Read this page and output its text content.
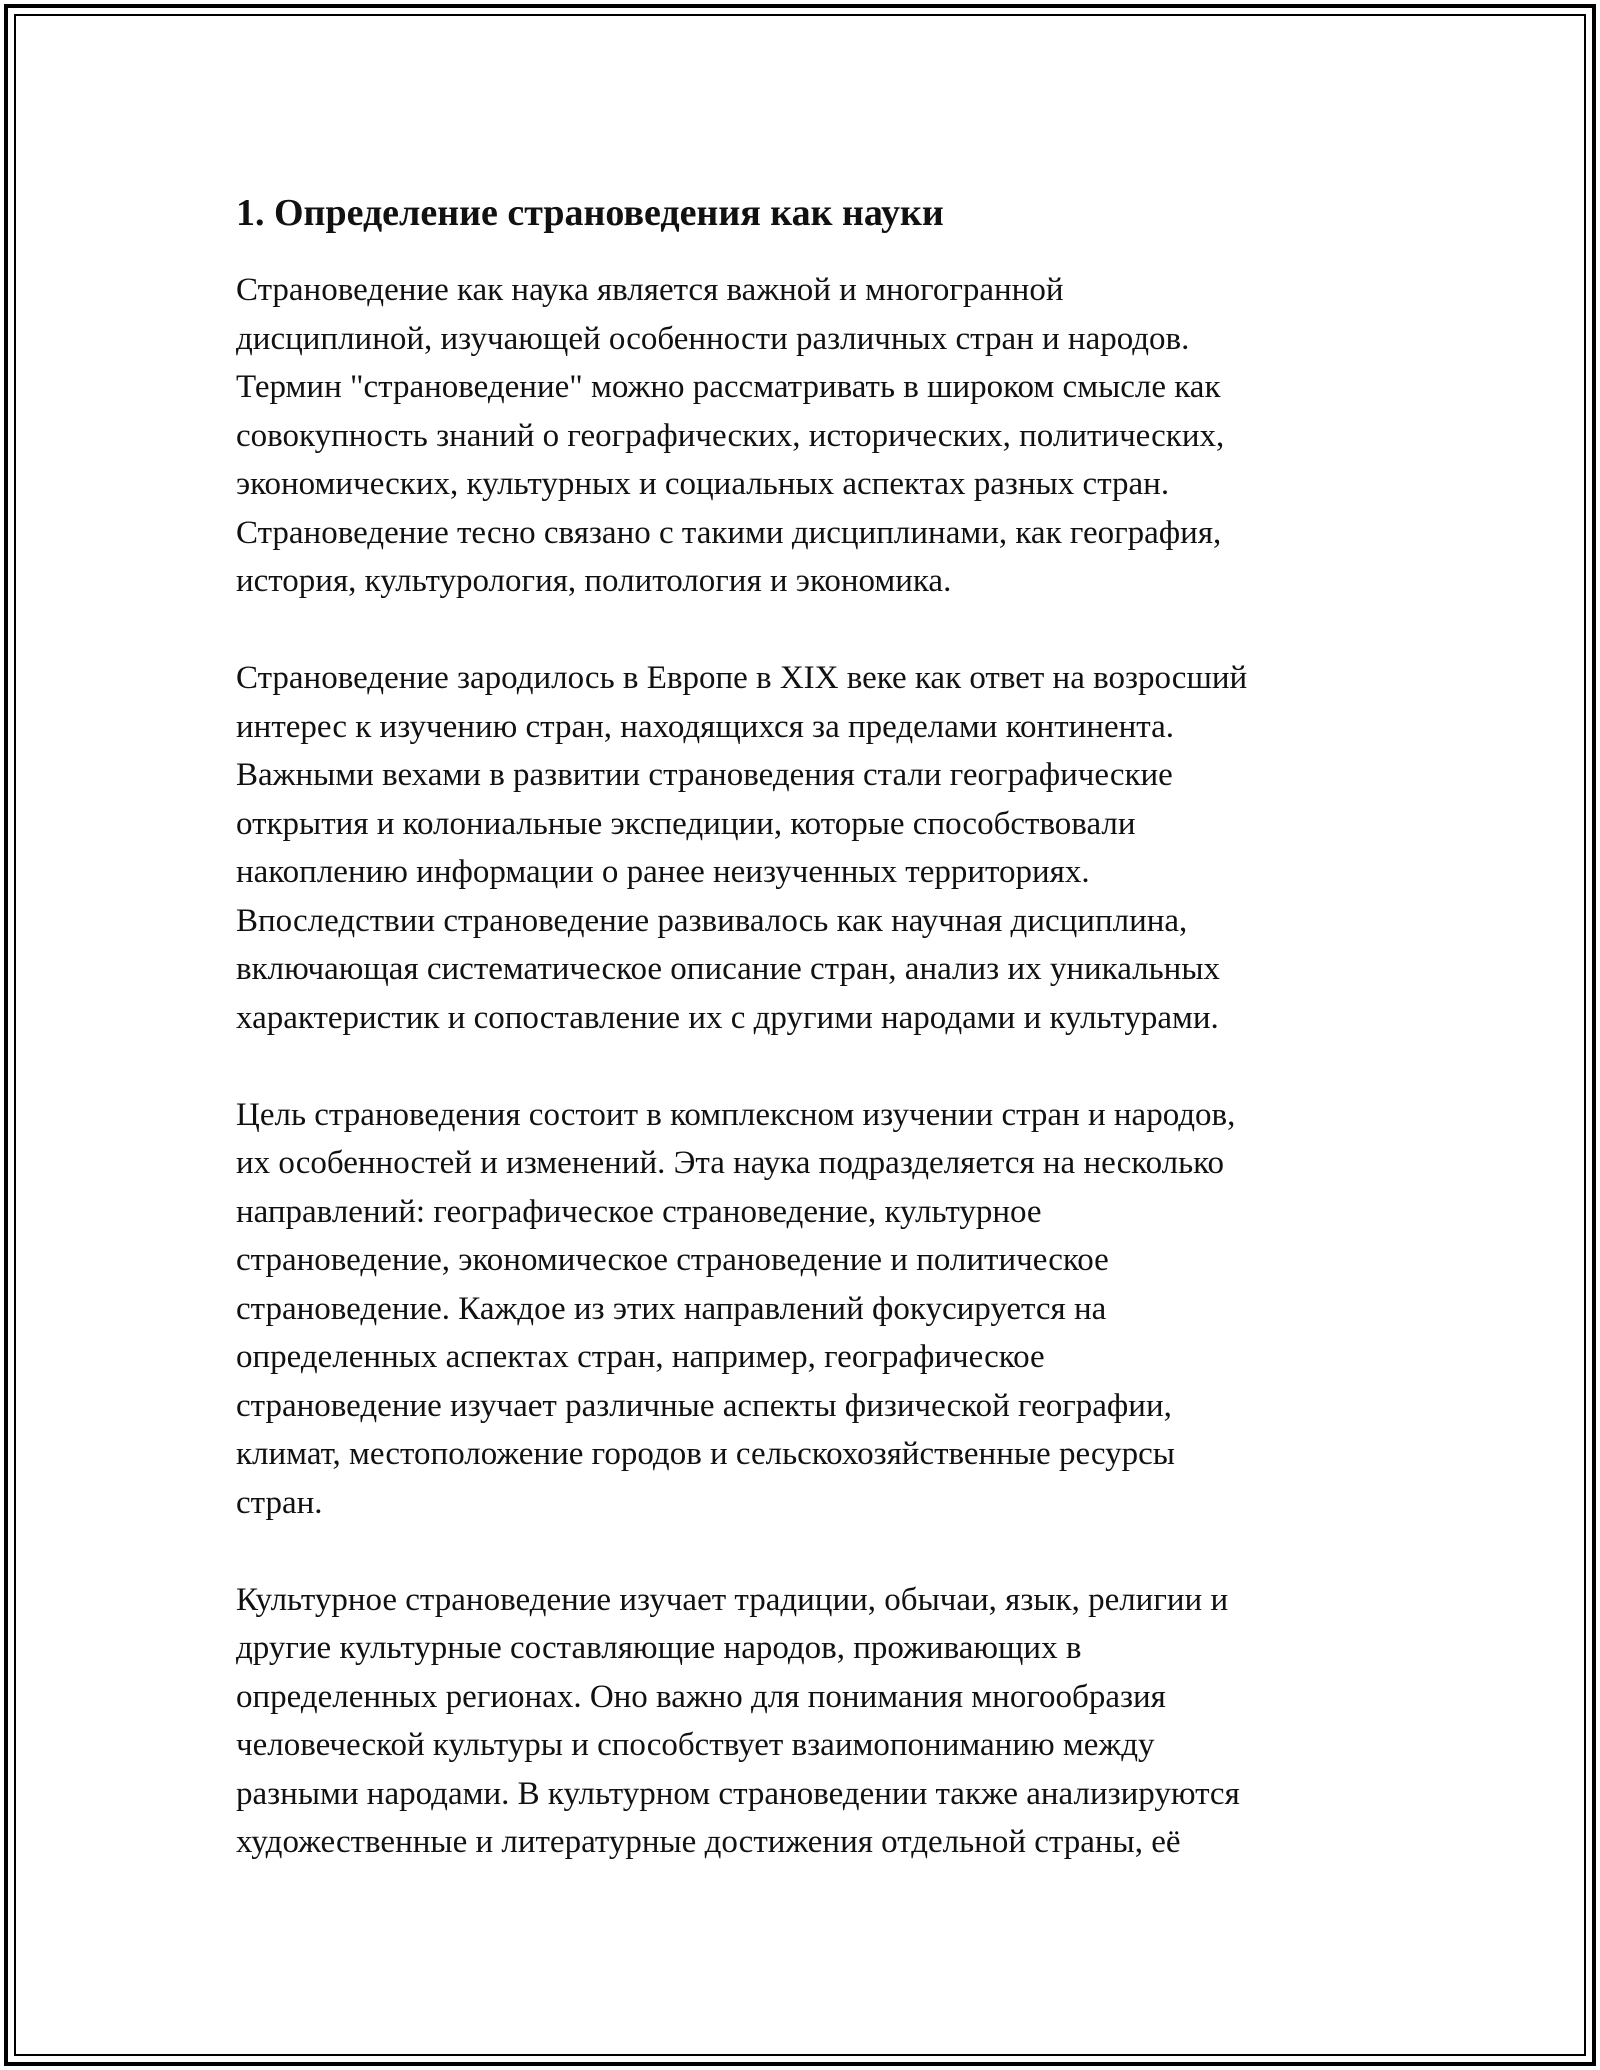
1. Определение страноведения как науки

Страноведение как наука является важной и многогранной
дисциплиной, изучающей особенности различных стран и народов.
Термин "страноведение" можно рассматривать в широком смысле как
совокупность знаний о географических, исторических, политических,
экономических, культурных и социальных аспектах разных стран.
Страноведение тесно связано с такими дисциплинами, как география,
история, культурология, политология и экономика.

Страноведение зародилось в Европе в XIX веке как ответ на возросший
интерес к изучению стран, находящихся за пределами континента.
Важными вехами в развитии страноведения стали географические
открытия и колониальные экспедиции, которые способствовали
накоплению информации о ранее неизученных территориях.
Впоследствии страноведение развивалось как научная дисциплина,
включающая систематическое описание стран, анализ их уникальных
характеристик и сопоставление их с другими народами и культурами.

Цель страноведения состоит в комплексном изучении стран и народов,
их особенностей и изменений. Эта наука подразделяется на несколько
направлений: географическое страноведение, культурное
страноведение, экономическое страноведение и политическое
страноведение. Каждое из этих направлений фокусируется на
определенных аспектах стран, например, географическое
страноведение изучает различные аспекты физической географии,
климат, местоположение городов и сельскохозяйственные ресурсы
стран.

Культурное страноведение изучает традиции, обычаи, язык, религии и
другие культурные составляющие народов, проживающих в
определенных регионах. Оно важно для понимания многообразия
человеческой культуры и способствует взаимопониманию между
разными народами. В культурном страноведении также анализируются
художественные и литературные достижения отдельной страны, её
